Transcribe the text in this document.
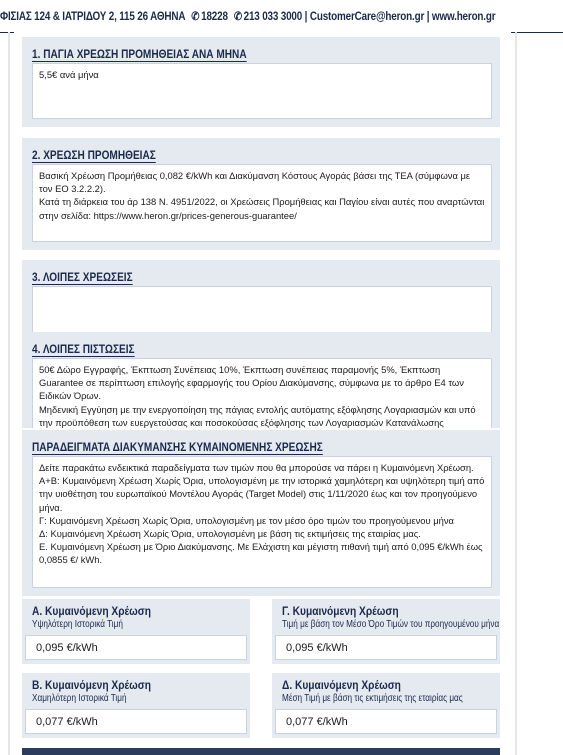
ΦΙΣΙΑΣ 124 & ΙΑΤΡΙΔΟΥ 2, 115 26 ΑΘΗΝΑ ✆ 18228 ✆ 213 033 3000 | CustomerCare@heron.gr | www.heron.gr
1. ΠΑΓΙΑ ΧΡΕΩΣΗ ΠΡΟΜΗΘΕΙΑΣ ΑΝΑ ΜΗΝΑ

5,5€ ανά μήνα

2. ΧΡΕΩΣΗ ΠΡΟΜΗΘΕΙΑΣ

Βασική Χρέωση Προμήθειας 0,082 €/kWh και Διακύμανση Κόστους Αγοράς βάσει της ΤΕΑ (σύμφωνα με τον ΕΟ 3.2.2.2).

Κατά τη διάρκεια του άρ 138 Ν. 4951/2022, οι Χρεώσεις Προμήθειας και Παγίου είναι αυτές που αναρτώνται στην σελίδα: https://www.heron.gr/prices-generous-guarantee/

3. ΛΟΙΠΕΣ ΧΡΕΩΣΕΙΣ
4. ΛΟΙΠΕΣ ΠΙΣΤΩΣΕΙΣ

50€ Δώρο Εγγραφής, Έκπτωση Συνέπειας 10%, Έκπτωση συνέπειας παραμονής 5%, Έκπτωση Guarantee σε περίπτωση επιλογής εφαρμογής του Ορίου Διακύμανσης, σύμφωνα με το άρθρο Ε4 των Ειδικών Όρων.

Μηδενική Εγγύηση με την ενεργοποίηση της πάγιας εντολής αυτόματης εξόφλησης Λογαριασμών και υπό την προϋπόθεση των ευεργετούσας και ποσοκούσας εξόφλησης των Λογαριασμών Κατανάλωσης

ΠΑΡΑΔΕΙΓΜΑΤΑ ΔΙΑΚΥΜΑΝΣΗΣ ΚΥΜΑΙΝΟΜΕΝΗΣ ΧΡΕΩΣΗΣ

Δείτε παρακάτω ενδεικτικά παραδείγματα των τιμών που θα μπορούσε να πάρει η Κυμαινόμενη Χρέωση.

Α+Β: Κυμαινόμενη Χρέωση Χωρίς Όρια, υπολογισμένη με την ιστορικά χαμηλότερη και υψηλότερη τιμή από την υιοθέτηση του ευρωπαϊκού Μοντέλου Αγοράς (Target Model) στις 1/11/2020 έως και τον προηγούμενο μήνα.

Γ: Κυμαινόμενη Χρέωση Χωρίς Όρια, υπολογισμένη με τον μέσο όρο τιμών του προηγούμενου μήνα

Δ: Κυμαινόμενη Χρέωση Χωρίς Όρια, υπολογισμένη με βάση τις εκτιμήσεις της εταιρίας μας.

Ε. Κυμαινόμενη Χρέωση με Όριο Διακύμανσης. Με Ελάχιστη και μέγιστη πιθανή τιμή από 0,095 €/kWh έως 0,0855 €/ kWh.

Α. Κυμαινόμενη Χρέωση
Υψηλότερη Ιστορικά Τιμή
0,095 €/kWh
Γ. Κυμαινόμενη Χρέωση
Τιμή με βάση τον Μέσο Όρο Τιμών του προηγουμένου μήνα
0,095 €/kWh
Β. Κυμαινόμενη Χρέωση
Χαμηλότερη Ιστορικά Τιμή
0,077 €/kWh
Δ. Κυμαινόμενη Χρέωση
Μέση Τιμή με βάση τις εκτιμήσεις της εταιρίας μας
0,077 €/kWh
